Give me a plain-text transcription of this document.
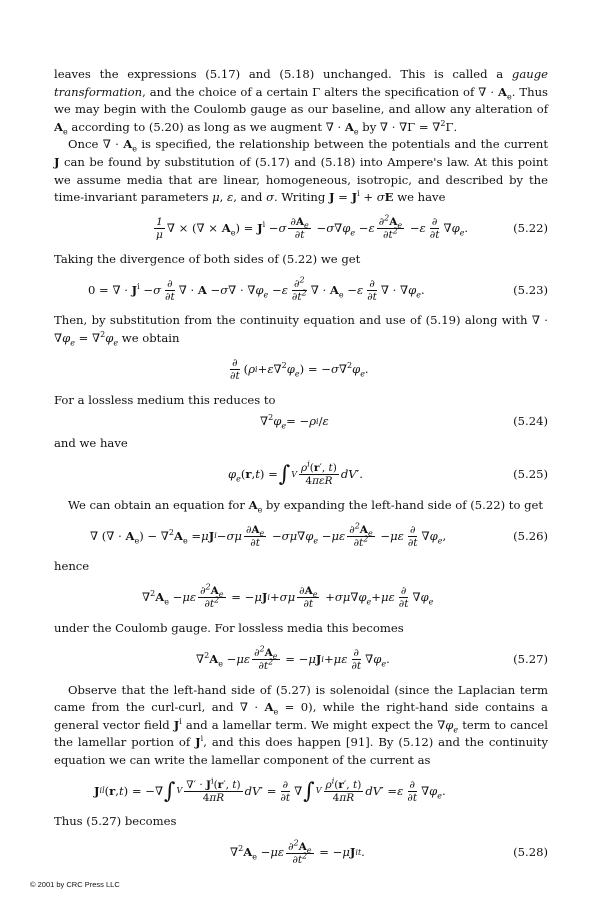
leaves the expressions (5.17) and (5.18) unchanged. This is called a gauge transformation, and the choice of a certain Γ alters the specification of ∇ · $A_e$. Thus we may begin with the Coulomb gauge as our baseline, and allow any alteration of $A_e$ according to (5.20) as long as we augment ∇ · $A_e$ by ∇ · ∇Γ = ∇$^2$Γ.

Once ∇ · $A_e$ is specified, the relationship between the potentials and the current J can be found by substitution of (5.17) and (5.18) into Ampere's law. At this point we assume media that are linear, homogeneous, isotropic, and described by the time-invariant parameters μ, ε, and σ. Writing $J = J^i + \sigma E$ we have

$\frac{1}{\mu}$ ∇ × (∇ × $A_e) = J^i - \sigma \frac{\partial A_e}{\partial t} - \sigma$ ∇ $\varphi_e - \varepsilon \frac{\partial^2A_e}{\partial t^2} - \varepsilon \frac{\partial}{\partial t}$ ∇ $\varphi_e$ .	(5.22)

Taking the divergence of both sides of (5.22) we get

0 = ∇ · $J^i - \sigma \frac{\partial}{\partial t}$ ∇ · A − σ ∇ · ∇ $\varphi_e - \varepsilon \frac{\partial^2}{\partial t^2}$ ∇ · $A_e - \varepsilon \frac{\partial}{\partial t}$ ∇ · ∇ $\varphi_e$ .	(5.23)

Then, by substitution from the continuity equation and use of (5.19) along with ∇ · $\nabla\varphi_e = \nabla^2\varphi_e$ we obtain

$\frac{\partial}{\partial t}$ ( ρ i + ε ∇$^2$ $\varphi_e$ ) = − σ ∇$^2$ $\varphi_e$ .

For a lossless medium this reduces to

∇$^2$ $\varphi_e$ = − ρ i / ε	(5.24)

and we have

$\varphi_e$ (r, t ) = ∫ V $\frac{\rho^i(r', t)}{\text{4πεR}}$ dV ′.	(5.25)

We can obtain an equation for $A_e$ by expanding the left-hand side of (5.22) to get

∇ (∇ · $A_e) - \nabla^2A_e = \mu$ J i − σμ $\frac{\partial A_e}{\partial t} - \sigma\mu$ ∇ $\varphi_e - \mu\varepsilon \frac{\partial^2A_e}{\partial t^2} - \mu\varepsilon \frac{\partial}{\partial t}$ ∇ $\varphi_e$ ,	(5.26)

hence

$\nabla^2A_e - \mu\varepsilon \frac{\partial^2A_e}{\partial t^2}$ = − μ J i + σμ $\frac{\partial A_e}{\partial t} + \sigma\mu$ ∇ $\varphi_e + \mu\varepsilon \frac{\partial}{\partial t}$ ∇ $\varphi_e$

under the Coulomb gauge. For lossless media this becomes

$\nabla^2A_e - \mu\varepsilon \frac{\partial^2A_e}{\partial t^2}$ = − μ J i + με $\frac{\partial}{\partial t}$ ∇ $\varphi_e$ .	(5.27)

Observe that the left-hand side of (5.27) is solenoidal (since the Laplacian term came from the curl-curl, and ∇ · $A_e = 0$), while the right-hand side contains a general vector field $J^i$ and a lamellar term. We might expect the $\nabla\varphi_e$ term to cancel the lamellar portion of $J^i$, and this does happen [91]. By (5.12) and the continuity equation we can write the lamellar component of the current as

J i l (r, t ) = −∇ ∫ V $\frac{\nabla' \cdot J^i(r', t)}{4\pi R}$ dV ′ = $\frac{\partial}{\partial t}$ ∇ ∫ V $\frac{\rho^i(r', t)}{4\pi R}$ dV ′ = ε $\frac{\partial}{\partial t}$ ∇ $\varphi_e$ .

Thus (5.27) becomes

$\nabla^2A_e - \mu\varepsilon \frac{\partial^2A_e}{\partial t^2}$ = − μ J i t .	(5.28)
© 2001 by CRC Press LLC
